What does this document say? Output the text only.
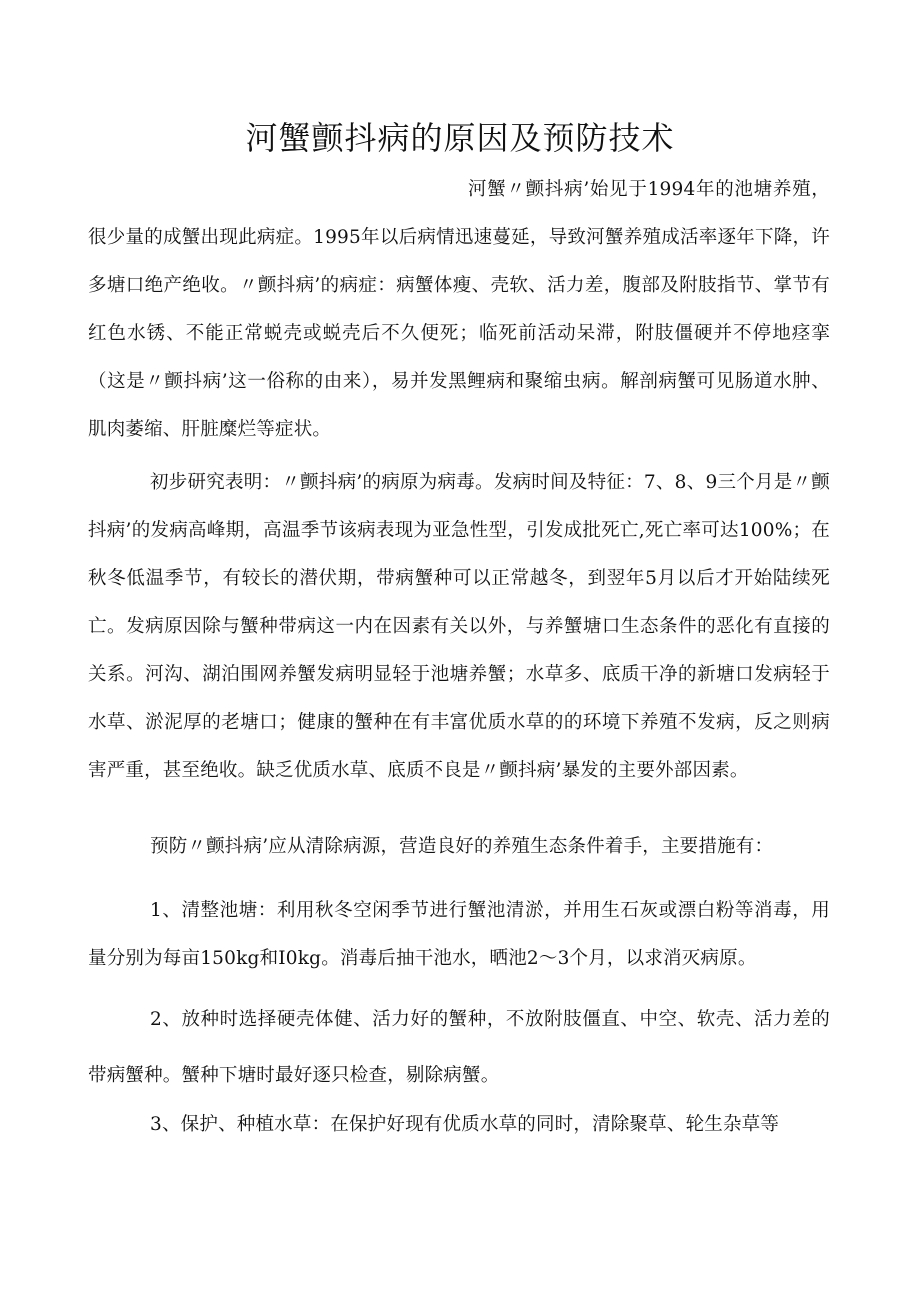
河蟹颤抖病的原因及预防技术

河蟹〃颤抖病’始见于1994年的池塘养殖，很少量的成蟹出现此病症。1995年以后病情迅速蔓延，导致河蟹养殖成活率逐年下降，许多塘口绝产绝收。〃颤抖病’的病症：病蟹体瘦、壳软、活力差，腹部及附肢指节、掌节有红色水锈、不能正常蜕壳或蜕壳后不久便死；临死前活动呆滞，附肢僵硬并不停地痉挛（这是〃颤抖病’这一俗称的由来），易并发黑鲤病和聚缩虫病。解剖病蟹可见肠道水肿、肌肉萎缩、肝脏糜烂等症状。

初步研究表明：〃颤抖病’的病原为病毒。发病时间及特征：7、8、9三个月是〃颤抖病’的发病高峰期，高温季节该病表现为亚急性型，引发成批死亡,死亡率可达100%；在秋冬低温季节，有较长的潜伏期，带病蟹种可以正常越冬，到翌年5月以后才开始陆续死亡。发病原因除与蟹种带病这一内在因素有关以外，与养蟹塘口生态条件的恶化有直接的关系。河沟、湖泊围网养蟹发病明显轻于池塘养蟹；水草多、底质干净的新塘口发病轻于水草、淤泥厚的老塘口；健康的蟹种在有丰富优质水草的的环境下养殖不发病，反之则病害严重，甚至绝收。缺乏优质水草、底质不良是〃颤抖病’暴发的主要外部因素。

预防〃颤抖病’应从清除病源，营造良好的养殖生态条件着手，主要措施有：

1、清整池塘：利用秋冬空闲季节进行蟹池清淤，并用生石灰或漂白粉等消毒，用量分别为每亩150kg和I0kg。消毒后抽干池水，晒池2～3个月，以求消灭病原。

2、放种时选择硬壳体健、活力好的蟹种，不放附肢僵直、中空、软壳、活力差的带病蟹种。蟹种下塘时最好逐只检查，剔除病蟹。

3、保护、种植水草：在保护好现有优质水草的同时，清除聚草、轮生杂草等
